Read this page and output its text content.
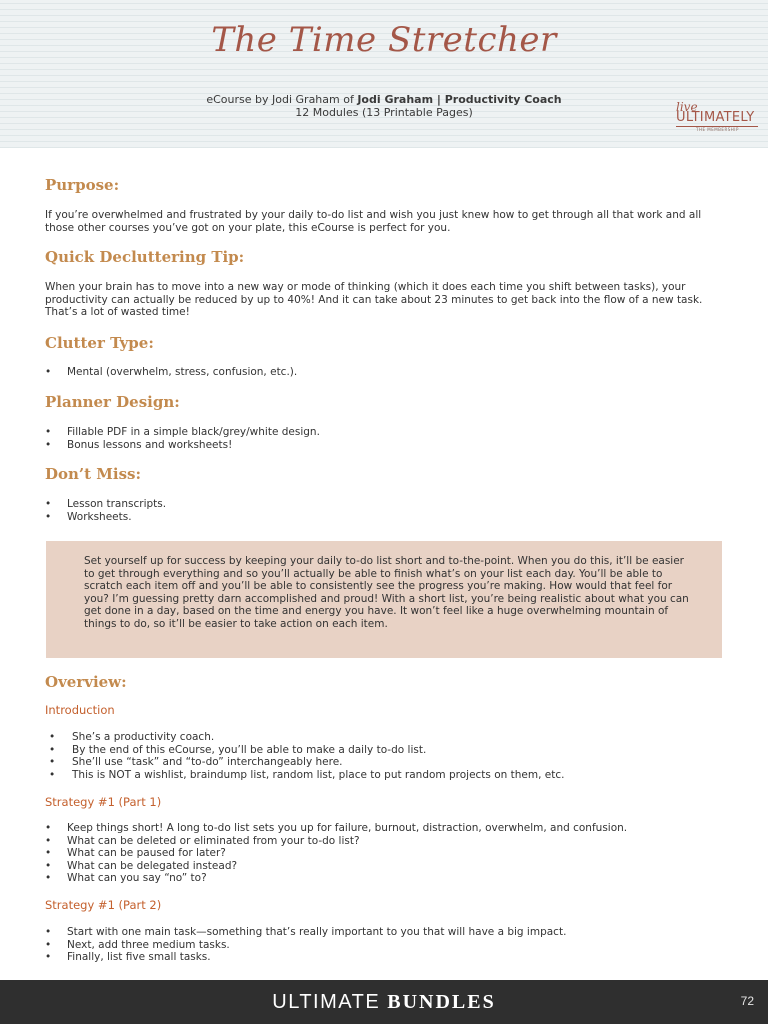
The Time Stretcher
eCourse by Jodi Graham of Jodi Graham | Productivity Coach
12 Modules (13 Printable Pages)	live
ULTIMATELY
THE MEMBERSHIP
Purpose:

If you’re overwhelmed and frustrated by your daily to-do list and wish you just knew how to get through all that work and all those other courses you’ve got on your plate, this eCourse is perfect for you.

Quick Decluttering Tip:

When your brain has to move into a new way or mode of thinking (which it does each time you shift between tasks), your productivity can actually be reduced by up to 40%! And it can take about 23 minutes to get back into the flow of a new task. That’s a lot of wasted time!

Clutter Type:
• Mental (overwhelm, stress, confusion, etc.).
Planner Design:
• Fillable PDF in a simple black/grey/white design.
• Bonus lessons and worksheets!
Don’t Miss:
• Lesson transcripts.
• Worksheets.
Overview:
Introduction
• She’s a productivity coach.
• By the end of this eCourse, you’ll be able to make a daily to-do list.
• She’ll use “task” and “to-do” interchangeably here.
• This is NOT a wishlist, braindump list, random list, place to put random projects on them, etc.
Strategy #1 (Part 1)
• Keep things short! A long to-do list sets you up for failure, burnout, distraction, overwhelm, and confusion.
• What can be deleted or eliminated from your to-do list?
• What can be paused for later?
• What can be delegated instead?
• What can you say “no” to?
Strategy #1 (Part 2)
• Start with one main task—something that’s really important to you that will have a big impact.
• Next, add three medium tasks.
• Finally, list five small tasks.

Set yourself up for success by keeping your daily to-do list short and to-the-point. When you do this, it’ll be easier to get through everything and so you’ll actually be able to finish what’s on your list each day. You’ll be able to scratch each item off and you’ll be able to consistently see the progress you’re making. How would that feel for you? I’m guessing pretty darn accomplished and proud! With a short list, you’re being realistic about what you can get done in a day, based on the time and energy you have. It won’t feel like a huge overwhelming mountain of things to do, so it’ll be easier to take action on each item.

ULTIMATE BUNDLES	72
